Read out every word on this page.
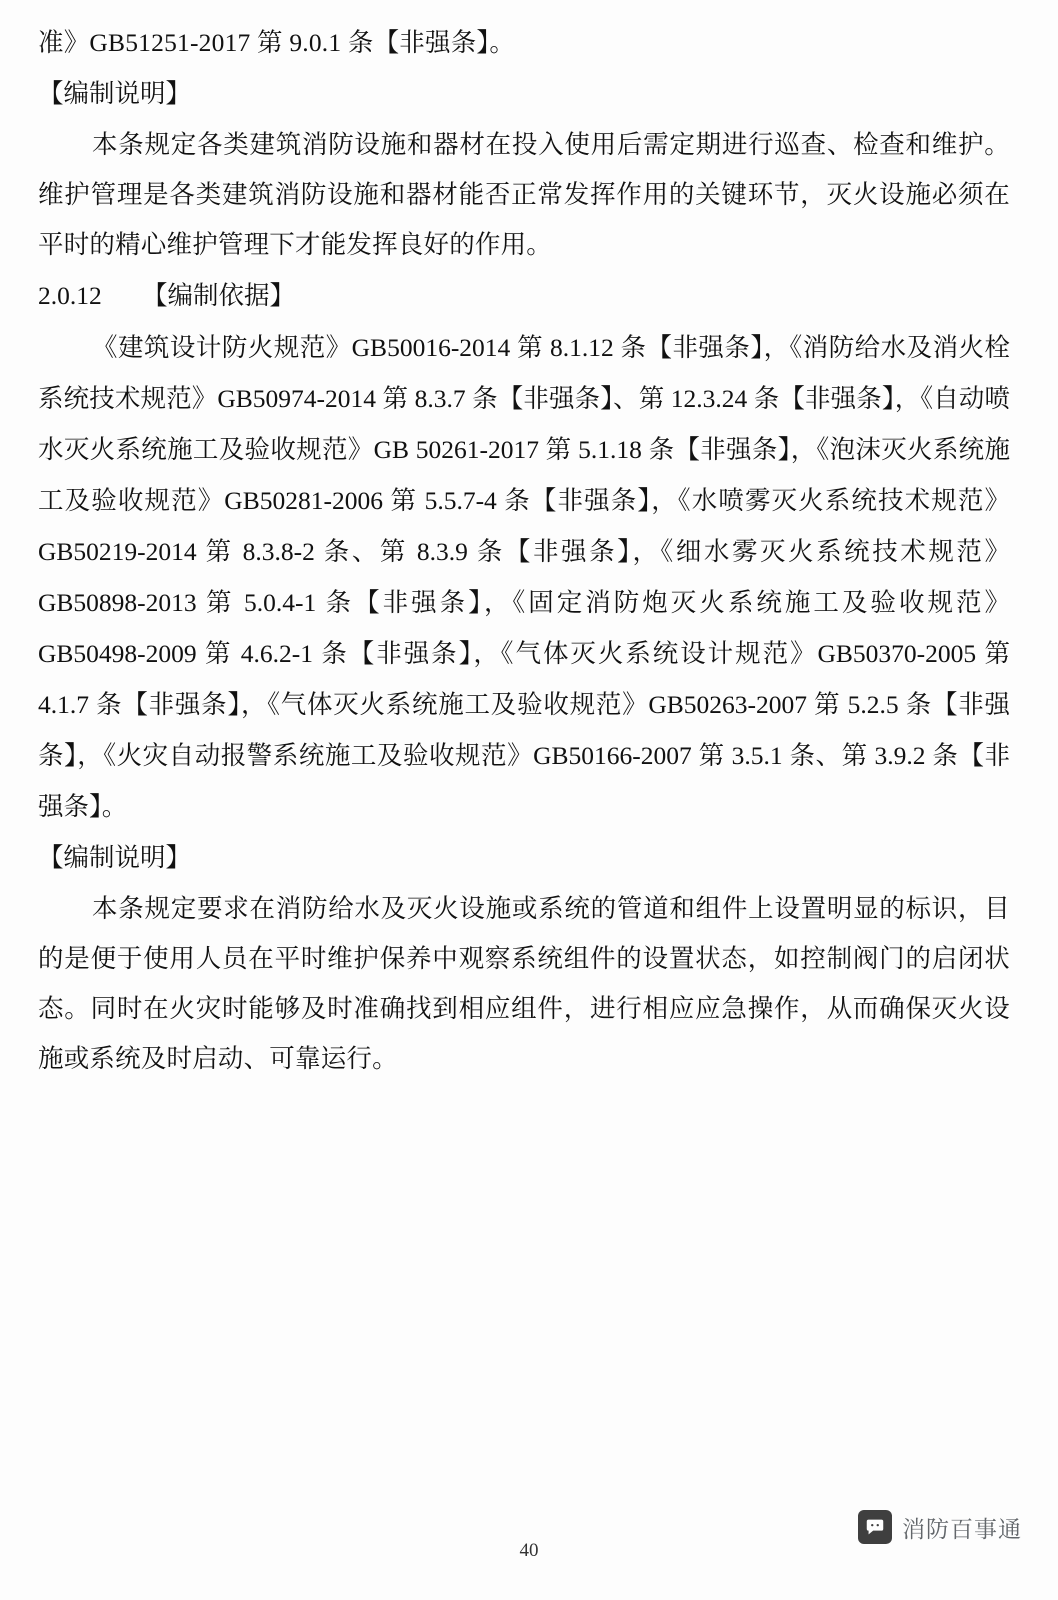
准》GB51251-2017 第 9.0.1 条【非强条】。

【编制说明】

本条规定各类建筑消防设施和器材在投入使用后需定期进行巡查、检查和维护。维护管理是各类建筑消防设施和器材能否正常发挥作用的关键环节，灭火设施必须在平时的精心维护管理下才能发挥良好的作用。

2.0.12 【编制依据】

《建筑设计防火规范》GB50016-2014 第 8.1.12 条【非强条】，《消防给水及消火栓系统技术规范》GB50974-2014 第 8.3.7 条【非强条】、第 12.3.24 条【非强条】，《自动喷水灭火系统施工及验收规范》GB 50261-2017 第 5.1.18 条【非强条】，《泡沫灭火系统施工及验收规范》GB50281-2006 第 5.5.7-4 条【非强条】，《水喷雾灭火系统技术规范》GB50219-2014 第 8.3.8-2 条、第 8.3.9 条【非强条】，《细水雾灭火系统技术规范》GB50898-2013 第 5.0.4-1 条【非强条】，《固定消防炮灭火系统施工及验收规范》GB50498-2009 第 4.6.2-1 条【非强条】，《气体灭火系统设计规范》GB50370-2005 第 4.1.7 条【非强条】，《气体灭火系统施工及验收规范》GB50263-2007 第 5.2.5 条【非强条】，《火灾自动报警系统施工及验收规范》GB50166-2007 第 3.5.1 条、第 3.9.2 条【非强条】。

【编制说明】

本条规定要求在消防给水及灭火设施或系统的管道和组件上设置明显的标识，目的是便于使用人员在平时维护保养中观察系统组件的设置状态，如控制阀门的启闭状态。同时在火灾时能够及时准确找到相应组件，进行相应应急操作，从而确保灭火设施或系统及时启动、可靠运行。

40
消防百事通
